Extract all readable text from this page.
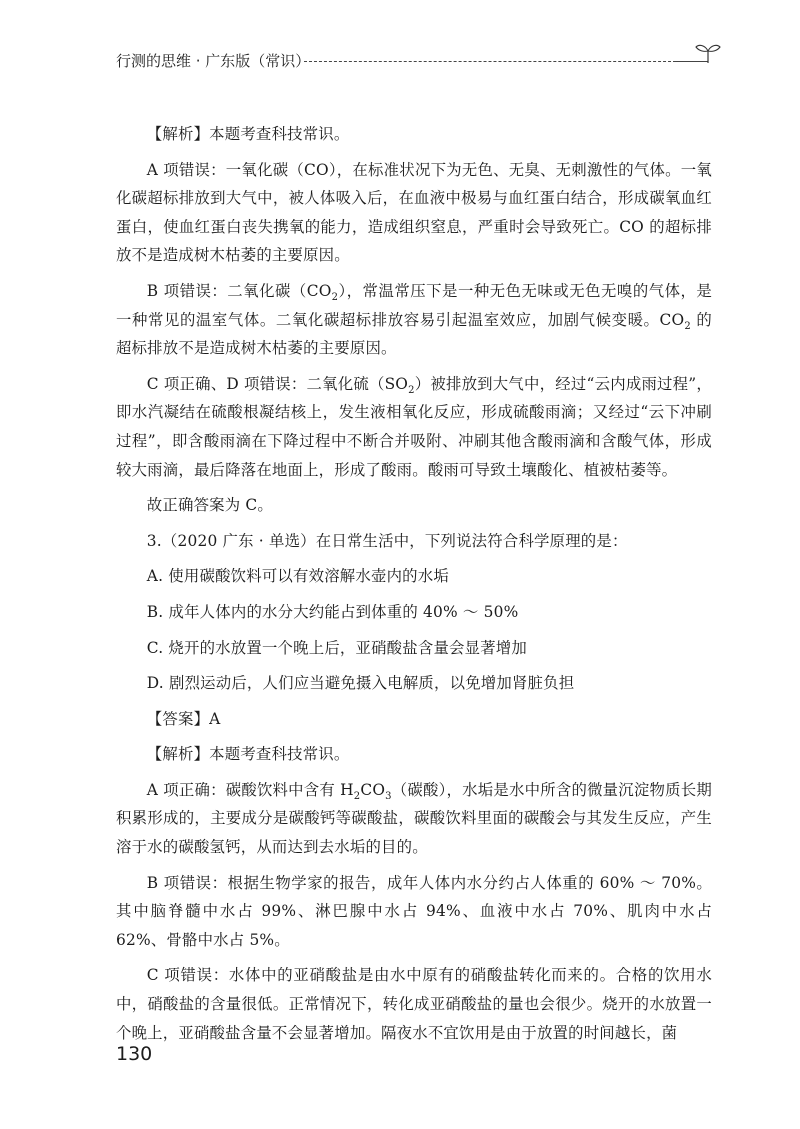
行测的思维 · 广东版（常识）

【解析】本题考查科技常识。

A 项错误：一氧化碳（CO），在标准状况下为无色、无臭、无刺激性的气体。一氧化碳超标排放到大气中，被人体吸入后，在血液中极易与血红蛋白结合，形成碳氧血红蛋白，使血红蛋白丧失携氧的能力，造成组织窒息，严重时会导致死亡。CO 的超标排放不是造成树木枯萎的主要原因。

B 项错误：二氧化碳$(CO_2)$，常温常压下是一种无色无味或无色无嗅的气体，是一种常见的温室气体。二氧化碳超标排放容易引起温室效应，加剧气候变暖。$CO_2$ 的超标排放不是造成树木枯萎的主要原因。

C 项正确、D 项错误：二氧化硫$(SO_2)$被排放到大气中，经过“云内成雨过程”，即水汽凝结在硫酸根凝结核上，发生液相氧化反应，形成硫酸雨滴；又经过“云下冲刷过程”，即含酸雨滴在下降过程中不断合并吸附、冲刷其他含酸雨滴和含酸气体，形成较大雨滴，最后降落在地面上，形成了酸雨。酸雨可导致土壤酸化、植被枯萎等。

故正确答案为 C。

3.（2020 广东 · 单选）在日常生活中，下列说法符合科学原理的是：

A. 使用碳酸饮料可以有效溶解水壶内的水垢

B. 成年人体内的水分大约能占到体重的 40% ～ 50%

C. 烧开的水放置一个晚上后，亚硝酸盐含量会显著增加

D. 剧烈运动后，人们应当避免摄入电解质，以免增加肾脏负担

【答案】A

【解析】本题考查科技常识。

A 项正确：碳酸饮料中含有 $H_2CO_3$（碳酸），水垢是水中所含的微量沉淀物质长期积累形成的，主要成分是碳酸钙等碳酸盐，碳酸饮料里面的碳酸会与其发生反应，产生溶于水的碳酸氢钙，从而达到去水垢的目的。

B 项错误：根据生物学家的报告，成年人体内水分约占人体重的 60% ～ 70%。其中脑脊髓中水占 99%、淋巴腺中水占 94%、血液中水占 70%、肌肉中水占 62%、骨骼中水占 5%。

C 项错误：水体中的亚硝酸盐是由水中原有的硝酸盐转化而来的。合格的饮用水中，硝酸盐的含量很低。正常情况下，转化成亚硝酸盐的量也会很少。烧开的水放置一个晚上，亚硝酸盐含量不会显著增加。隔夜水不宜饮用是由于放置的时间越长，菌

130
